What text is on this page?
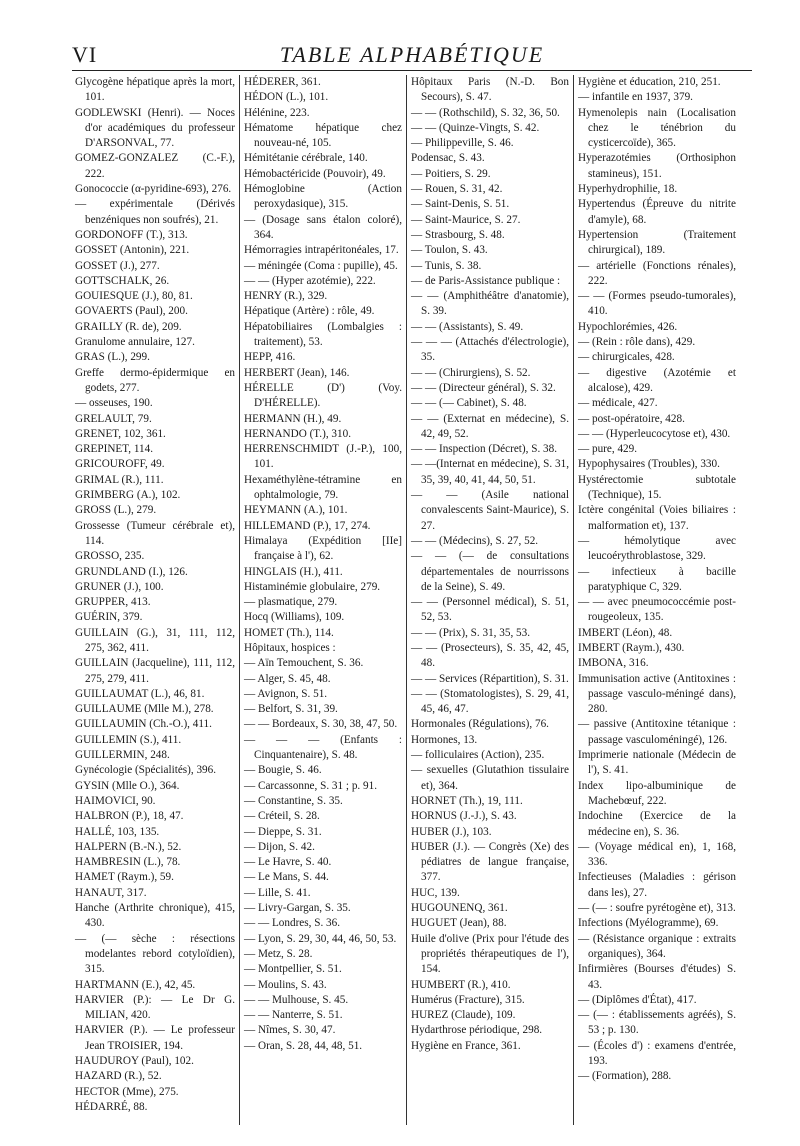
VI	TABLE ALPHABÉTIQUE

Glycogène hépatique après la mort, 101.

GODLEWSKI (Henri). — Noces d'or académiques du professeur D'ARSONVAL, 77.

GOMEZ-GONZALEZ (C.-F.), 222.

Gonococcie (α-pyridine-693), 276.

— expérimentale (Dérivés benzéniques non soufrés), 21.

GORDONOFF (T.), 313.

GOSSET (Antonin), 221.

GOSSET (J.), 277.

GOTTSCHALK, 26.

GOUIESQUE (J.), 80, 81.

GOVAERTS (Paul), 200.

GRAILLY (R. de), 209.

Granulome annulaire, 127.

GRAS (L.), 299.

Greffe dermo-épidermique en godets, 277.

— osseuses, 190.

GRELAULT, 79.

GRENET, 102, 361.

GREPINET, 114.

GRICOUROFF, 49.

GRIMAL (R.), 111.

GRIMBERG (A.), 102.

GROSS (L.), 279.

Grossesse (Tumeur cérébrale et), 114.

GROSSO, 235.

GRUNDLAND (I.), 126.

GRUNER (J.), 100.

GRUPPER, 413.

GUÉRIN, 379.

GUILLAIN (G.), 31, 111, 112, 275, 362, 411.

GUILLAIN (Jacqueline), 111, 112, 275, 279, 411.

GUILLAUMAT (L.), 46, 81.

GUILLAUME (Mlle M.), 278.

GUILLAUMIN (Ch.-O.), 411.

GUILLEMIN (S.), 411.

GUILLERMIN, 248.

Gynécologie (Spécialités), 396.

GYSIN (Mlle O.), 364.

HAIMOVICI, 90.

HALBRON (P.), 18, 47.

HALLÉ, 103, 135.

HALPERN (B.-N.), 52.

HAMBRESIN (L.), 78.

HAMET (Raym.), 59.

HANAUT, 317.

Hanche (Arthrite chronique), 415, 430.

— (— sèche : résections modelantes rebord cotyloïdien), 315.

HARTMANN (E.), 42, 45.

HARVIER (P.): — Le Dr G. MILIAN, 420.

HARVIER (P.). — Le professeur Jean TROISIER, 194.

HAUDUROY (Paul), 102.

HAZARD (R.), 52.

HECTOR (Mme), 275.

HÉDARRÉ, 88.

HÉDERER, 361.

HÉDON (L.), 101.

Hélénine, 223.

Hématome hépatique chez nouveau-né, 105.

Hémitétanie cérébrale, 140.

Hémobactéricide (Pouvoir), 49.

Hémoglobine (Action peroxydasique), 315.

— (Dosage sans étalon coloré), 364.

Hémorragies intrapéritonéales, 17.

— méningée (Coma : pupille), 45.

— — (Hyper azotémie), 222.

HENRY (R.), 329.

Hépatique (Artère) : rôle, 49.

Hépatobiliaires (Lombalgies : traitement), 53.

HEPP, 416.

HERBERT (Jean), 146.

HÉRELLE (D') (Voy. D'HÉRELLE).

HERMANN (H.), 49.

HERNANDO (T.), 310.

HERRENSCHMIDT (J.-P.), 100, 101.

Hexaméthylène-tétramine en ophtalmologie, 79.

HEYMANN (A.), 101.

HILLEMAND (P.), 17, 274.

Himalaya (Expédition [IIe] française à l'), 62.

HINGLAIS (H.), 411.

Histaminémie globulaire, 279.

— plasmatique, 279.

Hocq (Williams), 109.

HOMET (Th.), 114.

Hôpitaux, hospices :

— Aïn Temouchent, S. 36.

— Alger, S. 45, 48.

— Avignon, S. 51.

— Belfort, S. 31, 39.

— — Bordeaux, S. 30, 38, 47, 50.

— — — (Enfants : Cinquantenaire), S. 48.

— Bougie, S. 46.

— Carcassonne, S. 31 ; p. 91.

— Constantine, S. 35.

— Créteil, S. 28.

— Dieppe, S. 31.

— Dijon, S. 42.

— Le Havre, S. 40.

— Le Mans, S. 44.

— Lille, S. 41.

— Livry-Gargan, S. 35.

— — Londres, S. 36.

— Lyon, S. 29, 30, 44, 46, 50, 53.

— Metz, S. 28.

— Montpellier, S. 51.

— Moulins, S. 43.

— — Mulhouse, S. 45.

— — Nanterre, S. 51.

— Nîmes, S. 30, 47.

— Oran, S. 28, 44, 48, 51.

Hôpitaux Paris (N.-D. Bon Secours), S. 47.

— — (Rothschild), S. 32, 36, 50.

— — (Quinze-Vingts, S. 42.

— Philippeville, S. 46.

Podensac, S. 43.

— Poitiers, S. 29.

— Rouen, S. 31, 42.

— Saint-Denis, S. 51.

— Saint-Maurice, S. 27.

— Strasbourg, S. 48.

— Toulon, S. 43.

— Tunis, S. 38.

— de Paris-Assistance publique :

— — (Amphithéâtre d'anatomie), S. 39.

— — (Assistants), S. 49.

— — — (Attachés d'électrologie), 35.

— — (Chirurgiens), S. 52.

— — (Directeur général), S. 32.

— — (— Cabinet), S. 48.

— — (Externat en médecine), S. 42, 49, 52.

— — Inspection (Décret), S. 38.

— —(Internat en médecine), S. 31, 35, 39, 40, 41, 44, 50, 51.

— — (Asile national convalescents Saint-Maurice), S. 27.

— — (Médecins), S. 27, 52.

— — (— de consultations départementales de nourrissons de la Seine), S. 49.

— — (Personnel médical), S. 51, 52, 53.

— — (Prix), S. 31, 35, 53.

— — (Prosecteurs), S. 35, 42, 45, 48.

— — Services (Répartition), S. 31.

— — (Stomatologistes), S. 29, 41, 45, 46, 47.

Hormonales (Régulations), 76.

Hormones, 13.

— folliculaires (Action), 235.

— sexuelles (Glutathion tissulaire et), 364.

HORNET (Th.), 19, 111.

HORNUS (J.-J.), S. 43.

HUBER (J.), 103.

HUBER (J.). — Congrès (Xe) des pédiatres de langue française, 377.

HUC, 139.

HUGOUNENQ, 361.

HUGUET (Jean), 88.

Huile d'olive (Prix pour l'étude des propriétés thérapeutiques de l'), 154.

HUMBERT (R.), 410.

Humérus (Fracture), 315.

HUREZ (Claude), 109.

Hydarthrose périodique, 298.

Hygiène en France, 361.

Hygiène et éducation, 210, 251.

— infantile en 1937, 379.

Hymenolepis nain (Localisation chez le ténébrion du cysticercoïde), 365.

Hyperazotémies (Orthosiphon stamineus), 151.

Hyperhydrophilie, 18.

Hypertendus (Épreuve du nitrite d'amyle), 68.

Hypertension (Traitement chirurgical), 189.

— artérielle (Fonctions rénales), 222.

— — (Formes pseudo-tumorales), 410.

Hypochlorémies, 426.

— (Rein : rôle dans), 429.

— chirurgicales, 428.

— digestive (Azotémie et alcalose), 429.

— médicale, 427.

— post-opératoire, 428.

— — (Hyperleucocytose et), 430.

— pure, 429.

Hypophysaires (Troubles), 330.

Hystérectomie subtotale (Technique), 15.

Ictère congénital (Voies biliaires : malformation et), 137.

— hémolytique avec leucoérythroblastose, 329.

— infectieux à bacille paratyphique C, 329.

— — avec pneumococcémie post-rougeoleux, 135.

IMBERT (Léon), 48.

IMBERT (Raym.), 430.

IMBONA, 316.

Immunisation active (Antitoxines : passage vasculo-méningé dans), 280.

— passive (Antitoxine tétanique : passage vasculoméningé), 126.

Imprimerie nationale (Médecin de l'), S. 41.

Index lipo-albuminique de Machebœuf, 222.

Indochine (Exercice de la médecine en), S. 36.

— (Voyage médical en), 1, 168, 336.

Infectieuses (Maladies : gérison dans les), 27.

— (— : soufre pyrétogène et), 313.

Infections (Myélogramme), 69.

— (Résistance organique : extraits organiques), 364.

Infirmières (Bourses d'études) S. 43.

— (Diplômes d'État), 417.

— (— : établissements agréés), S. 53 ; p. 130.

— (Écoles d') : examens d'entrée, 193.

— (Formation), 288.
